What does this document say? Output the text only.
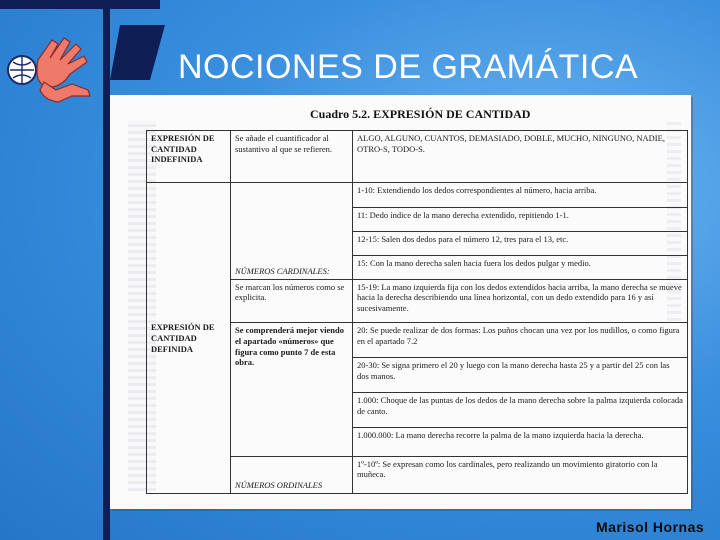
NOCIONES DE GRAMÁTICA
Cuadro 5.2. EXPRESIÓN DE CANTIDAD
EXPRESIÓN DE CANTIDAD INDEFINIDA	Se añade el cuantificador al sustantivo al que se refieren.	ALGO, ALGUNO, CUANTOS, DEMASIADO, DOBLE, MUCHO, NINGUNO, NADIE, OTRO-S, TODO-S.
EXPRESIÓN DE CANTIDAD DEFINIDA	NÚMEROS CARDINALES:	1-10: Extendiendo los dedos correspondientes al número, hacia arriba.
		11: Dedo índice de la mano derecha extendido, repitiendo 1-1.
		12-15: Salen dos dedos para el número 12, tres para el 13, etc.
		15: Con la mano derecha salen hacia fuera los dedos pulgar y medio.
	Se marcan los números como se explicita.	15-19: La mano izquierda fija con los dedos extendidos hacia arriba, la mano derecha se mueve hacia la derecha describiendo una línea horizontal, con un dedo extendido para 16 y así sucesivamente.
	Se comprenderá mejor viendo el apartado «números» que figura como punto 7 de esta obra.	20: Se puede realizar de dos formas: Los puños chocan una vez por los nudillos, o como figura en el apartado 7.2
		20-30: Se signa primero el 20 y luego con la mano derecha hasta 25 y a partir del 25 con las dos manos.
		1.000: Choque de las puntas de los dedos de la mano derecha sobre la palma izquierda colocada de canto.
		1.000.000: La mano derecha recorre la palma de la mano izquierda hacia la derecha.
	NÚMEROS ORDINALES	1º-10º: Se expresan como los cardinales, pero realizando un movimiento giratorio con la muñeca.
Marisol Hornas
